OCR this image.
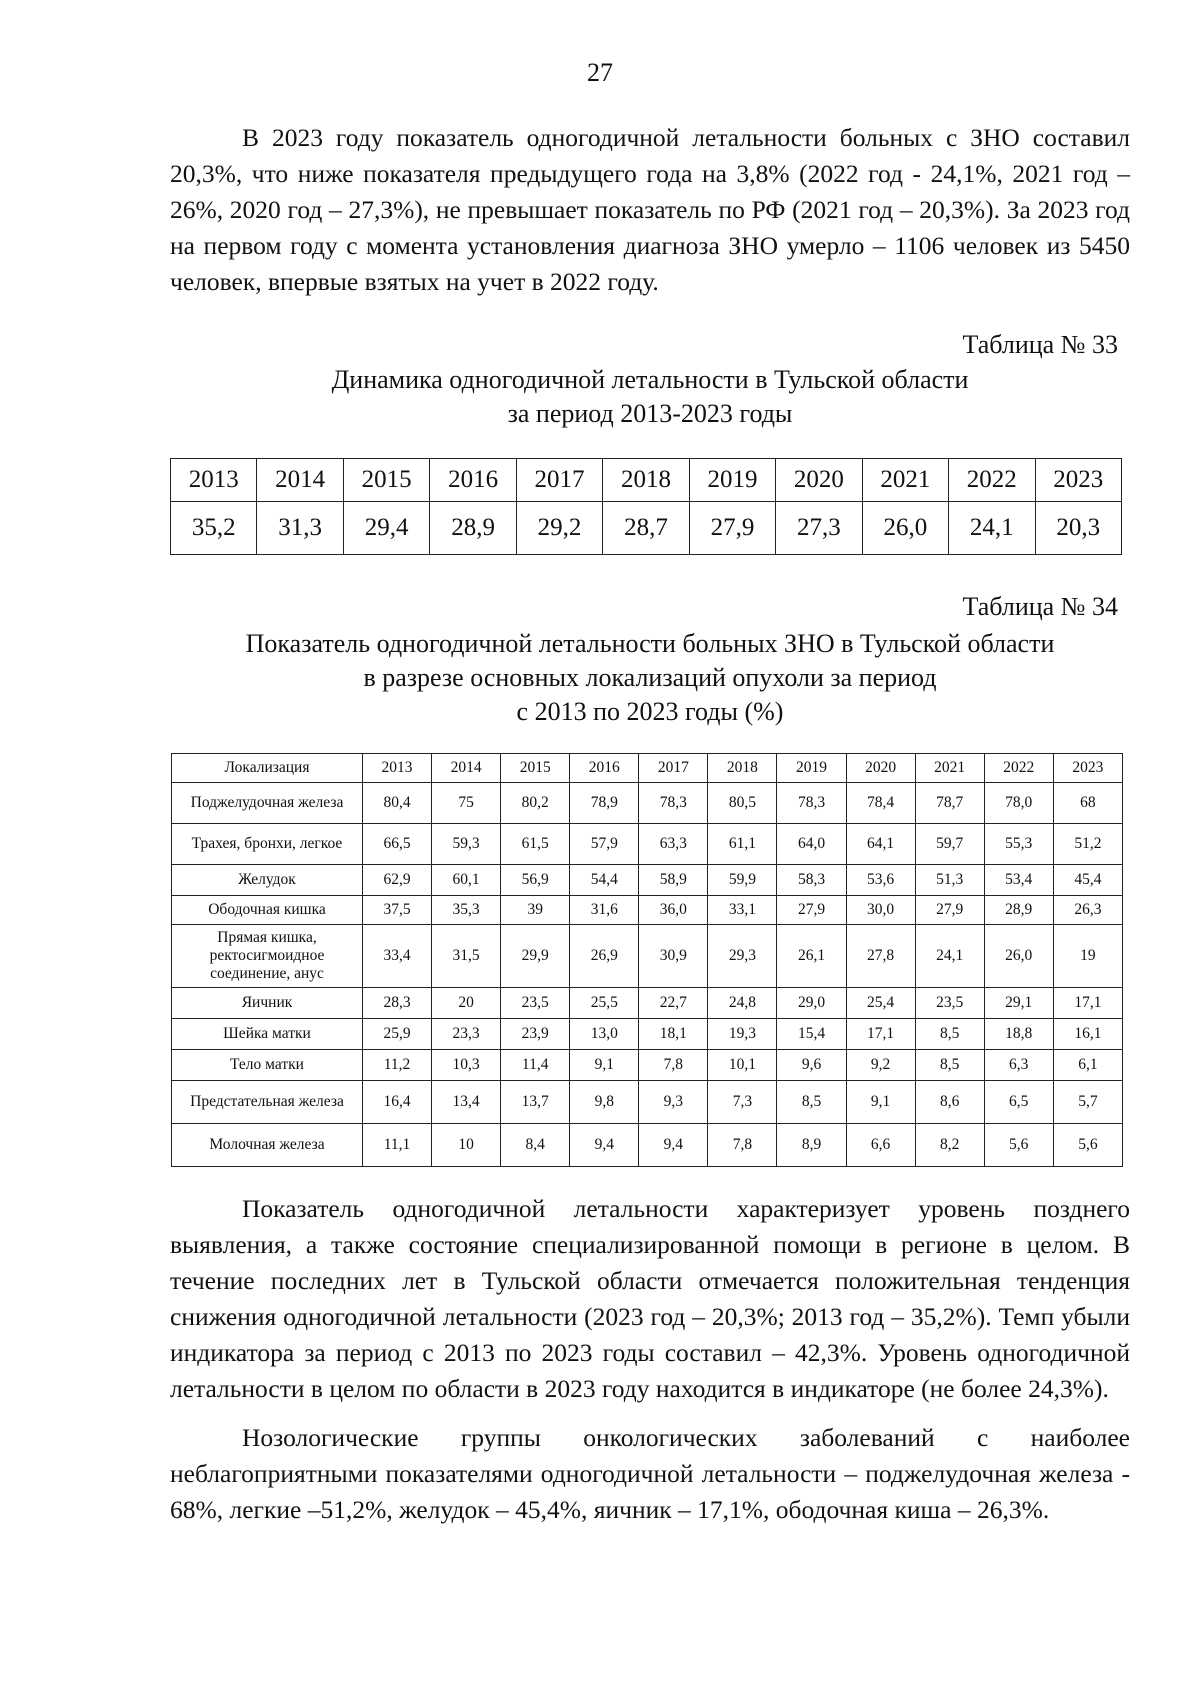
27

В 2023 году показатель одногодичной летальности больных с ЗНО составил 20,3%, что ниже показателя предыдущего года на 3,8% (2022 год - 24,1%, 2021 год – 26%, 2020 год – 27,3%), не превышает показатель по РФ (2021 год – 20,3%). За 2023 год на первом году с момента установления диагноза ЗНО умерло – 1106 человек из 5450 человек, впервые взятых на учет в 2022 году.

Таблица № 33
Динамика одногодичной летальности в Тульской области
за период 2013-2023 годы
2013	2014	2015	2016	2017	2018	2019	2020	2021	2022	2023
35,2	31,3	29,4	28,9	29,2	28,7	27,9	27,3	26,0	24,1	20,3
Таблица № 34
Показатель одногодичной летальности больных ЗНО в Тульской области
в разрезе основных локализаций опухоли за период
с 2013 по 2023 годы (%)
Локализация	2013	2014	2015	2016	2017	2018	2019	2020	2021	2022	2023
Поджелудочная железа	80,4	75	80,2	78,9	78,3	80,5	78,3	78,4	78,7	78,0	68
Трахея, бронхи, легкое	66,5	59,3	61,5	57,9	63,3	61,1	64,0	64,1	59,7	55,3	51,2
Желудок	62,9	60,1	56,9	54,4	58,9	59,9	58,3	53,6	51,3	53,4	45,4
Ободочная кишка	37,5	35,3	39	31,6	36,0	33,1	27,9	30,0	27,9	28,9	26,3
Прямая кишка, ректосигмоидное соединение, анус	33,4	31,5	29,9	26,9	30,9	29,3	26,1	27,8	24,1	26,0	19
Яичник	28,3	20	23,5	25,5	22,7	24,8	29,0	25,4	23,5	29,1	17,1
Шейка матки	25,9	23,3	23,9	13,0	18,1	19,3	15,4	17,1	8,5	18,8	16,1
Тело матки	11,2	10,3	11,4	9,1	7,8	10,1	9,6	9,2	8,5	6,3	6,1
Предстательная железа	16,4	13,4	13,7	9,8	9,3	7,3	8,5	9,1	8,6	6,5	5,7
Молочная железа	11,1	10	8,4	9,4	9,4	7,8	8,9	6,6	8,2	5,6	5,6

Показатель одногодичной летальности характеризует уровень позднего выявления, а также состояние специализированной помощи в регионе в целом. В течение последних лет в Тульской области отмечается положительная тенденция снижения одногодичной летальности (2023 год – 20,3%; 2013 год – 35,2%). Темп убыли индикатора за период с 2013 по 2023 годы составил – 42,3%. Уровень одногодичной летальности в целом по области в 2023 году находится в индикаторе (не более 24,3%).

Нозологические группы онкологических заболеваний с наиболее неблагоприятными показателями одногодичной летальности – поджелудочная железа - 68%, легкие –51,2%, желудок – 45,4%, яичник – 17,1%, ободочная киша – 26,3%.
